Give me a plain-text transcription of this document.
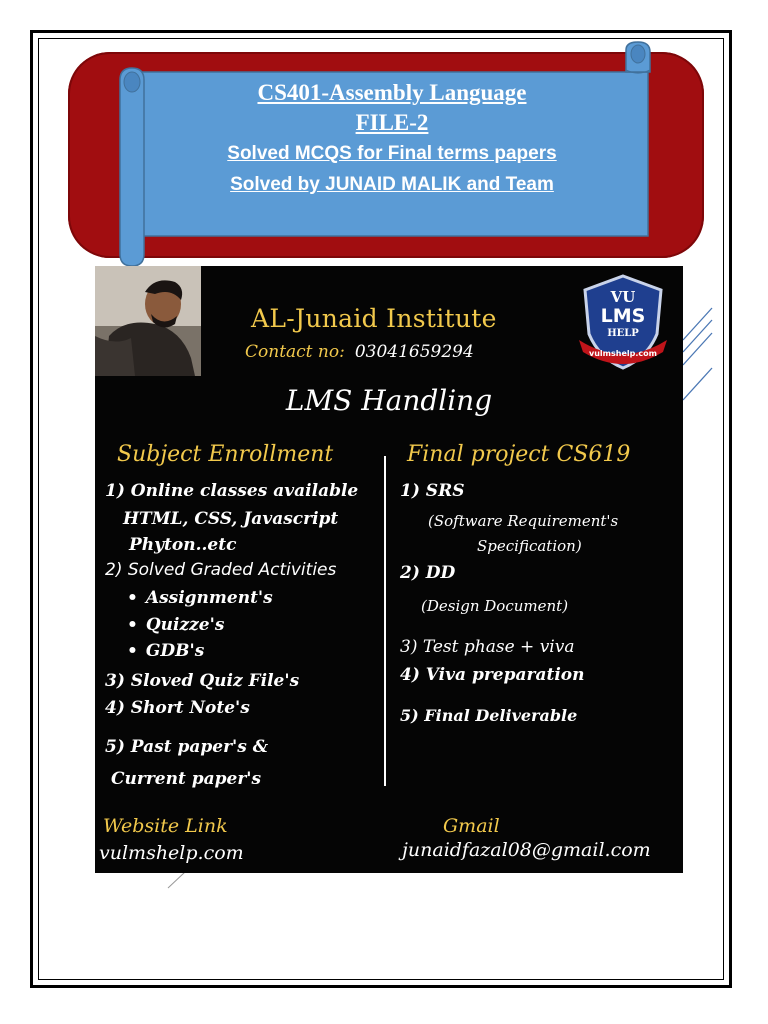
CS401-Assembly Language
FILE-2
Solved MCQS for Final terms papers
Solved by JUNAID MALIK and Team
AL-Junaid Institute
Contact no: 03041659294
VU
LMS
HELP
vulmshelp.com
LMS Handling
Subject Enrollment	Final project CS619
1) Online classes available
HTML, CSS, Javascript
Phyton..etc
2) Solved Graded Activities
• Assignment's
• Quizze's
• GDB's
3) Sloved Quiz File's
4) Short Note's
5) Past paper's &
Current paper's
1) SRS
(Software Requirement's
Specification)
2) DD
(Design Document)
3) Test phase + viva
4) Viva preparation
5) Final Deliverable
Website Link
vulmshelp.com
Gmail
junaidfazal08@gmail.com
